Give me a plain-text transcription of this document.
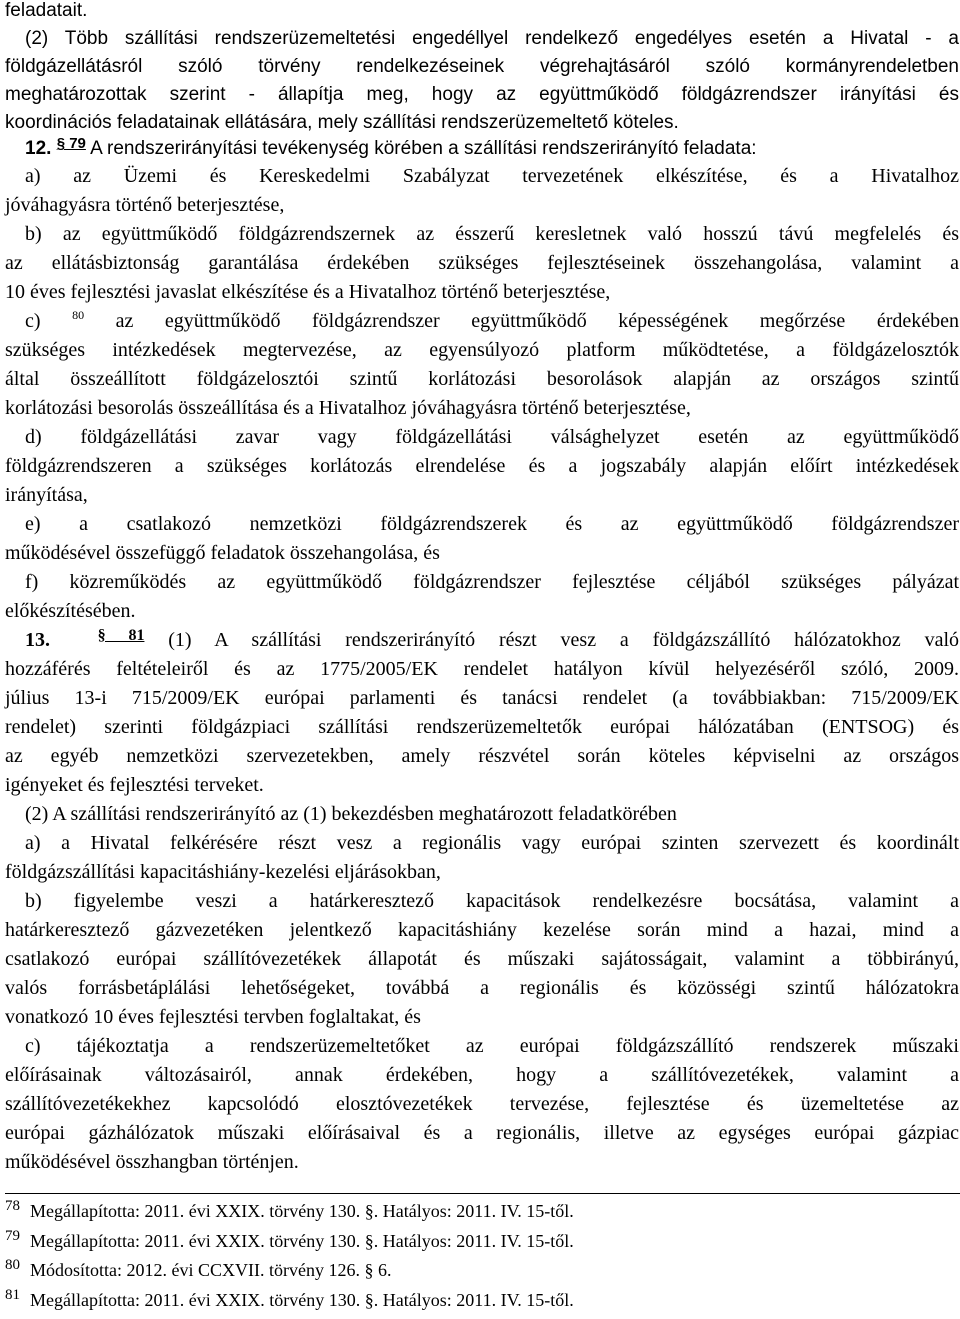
feladatait.

(2) Több szállítási rendszerüzemeltetési engedéllyel rendelkező engedélyes esetén a Hivatal - a

földgázellátásról szóló törvény rendelkezéseinek végrehajtásáról szóló kormányrendeletben

meghatározottak szerint - állapítja meg, hogy az együttműködő földgázrendszer irányítási és

koordinációs feladatainak ellátására, mely szállítási rendszerüzemeltető köteles.

12. $^{\S 79}$ A rendszerirányítási tevékenység körében a szállítási rendszerirányító feladata:

a) az Üzemi és Kereskedelmi Szabályzat tervezetének elkészítése, és a Hivatalhoz

jóváhagyásra történő beterjesztése,

b) az együttműködő földgázrendszernek az ésszerű keresletnek való hosszú távú megfelelés és

az ellátásbiztonság garantálása érdekében szükséges fejlesztéseinek összehangolása, valamint a

10 éves fejlesztési javaslat elkészítése és a Hivatalhoz történő beterjesztése,

c) $^{80}$ az együttműködő földgázrendszer együttműködő képességének megőrzése érdekében

szükséges intézkedések megtervezése, az egyensúlyozó platform működtetése, a földgázelosztók

által összeállított földgázelosztói szintű korlátozási besorolások alapján az országos szintű

korlátozási besorolás összeállítása és a Hivatalhoz jóváhagyásra történő beterjesztése,

d) földgázellátási zavar vagy földgázellátási válsághelyzet esetén az együttműködő

földgázrendszeren a szükséges korlátozás elrendelése és a jogszabály alapján előírt intézkedések

irányítása,

e) a csatlakozó nemzetközi földgázrendszerek és az együttműködő földgázrendszer

működésével összefüggő feladatok összehangolása, és

f) közreműködés az együttműködő földgázrendszer fejlesztése céljából szükséges pályázat

előkészítésében.

13.	$^{\S 81}$ (1) A szállítási rendszerirányító részt vesz a földgázszállító hálózatokhoz való

hozzáférés feltételeiről és az 1775/2005/EK rendelet hatályon kívül helyezéséről szóló, 2009.

július 13-i 715/2009/EK európai parlamenti és tanácsi rendelet (a továbbiakban: 715/2009/EK

rendelet) szerinti földgázpiaci szállítási rendszerüzemeltetők európai hálózatában (ENTSOG) és

az egyéb nemzetközi szervezetekben, amely részvétel során köteles képviselni az országos

igényeket és fejlesztési terveket.

(2) A szállítási rendszerirányító az (1) bekezdésben meghatározott feladatkörében

a) a Hivatal felkérésére részt vesz a regionális vagy európai szinten szervezett és koordinált

földgázszállítási kapacitáshiány-kezelési eljárásokban,

b) figyelembe veszi a határkeresztező kapacitások rendelkezésre bocsátása, valamint a

határkeresztező gázvezetéken jelentkező kapacitáshiány kezelése során mind a hazai, mind a

csatlakozó európai szállítóvezetékek állapotát és műszaki sajátosságait, valamint a többirányú,

valós forrásbetáplálási lehetőségeket, továbbá a regionális és közösségi szintű hálózatokra

vonatkozó 10 éves fejlesztési tervben foglaltakat, és

c) tájékoztatja a rendszerüzemeltetőket az európai földgázszállító rendszerek műszaki

előírásainak változásairól, annak érdekében, hogy a szállítóvezetékek, valamint a

szállítóvezetékekhez kapcsolódó elosztóvezetékek tervezése, fejlesztése és üzemeltetése az

európai gázhálózatok műszaki előírásaival és a regionális, illetve az egységes európai gázpiac

működésével összhangban történjen.

$^{78}$ Megállapította: 2011. évi XXIX. törvény 130. §. Hatályos: 2011. IV. 15-től.
$^{79}$ Megállapította: 2011. évi XXIX. törvény 130. §. Hatályos: 2011. IV. 15-től.
$^{80}$ Módosította: 2012. évi CCXVII. törvény 126. § 6.
$^{81}$ Megállapította: 2011. évi XXIX. törvény 130. §. Hatályos: 2011. IV. 15-től.
